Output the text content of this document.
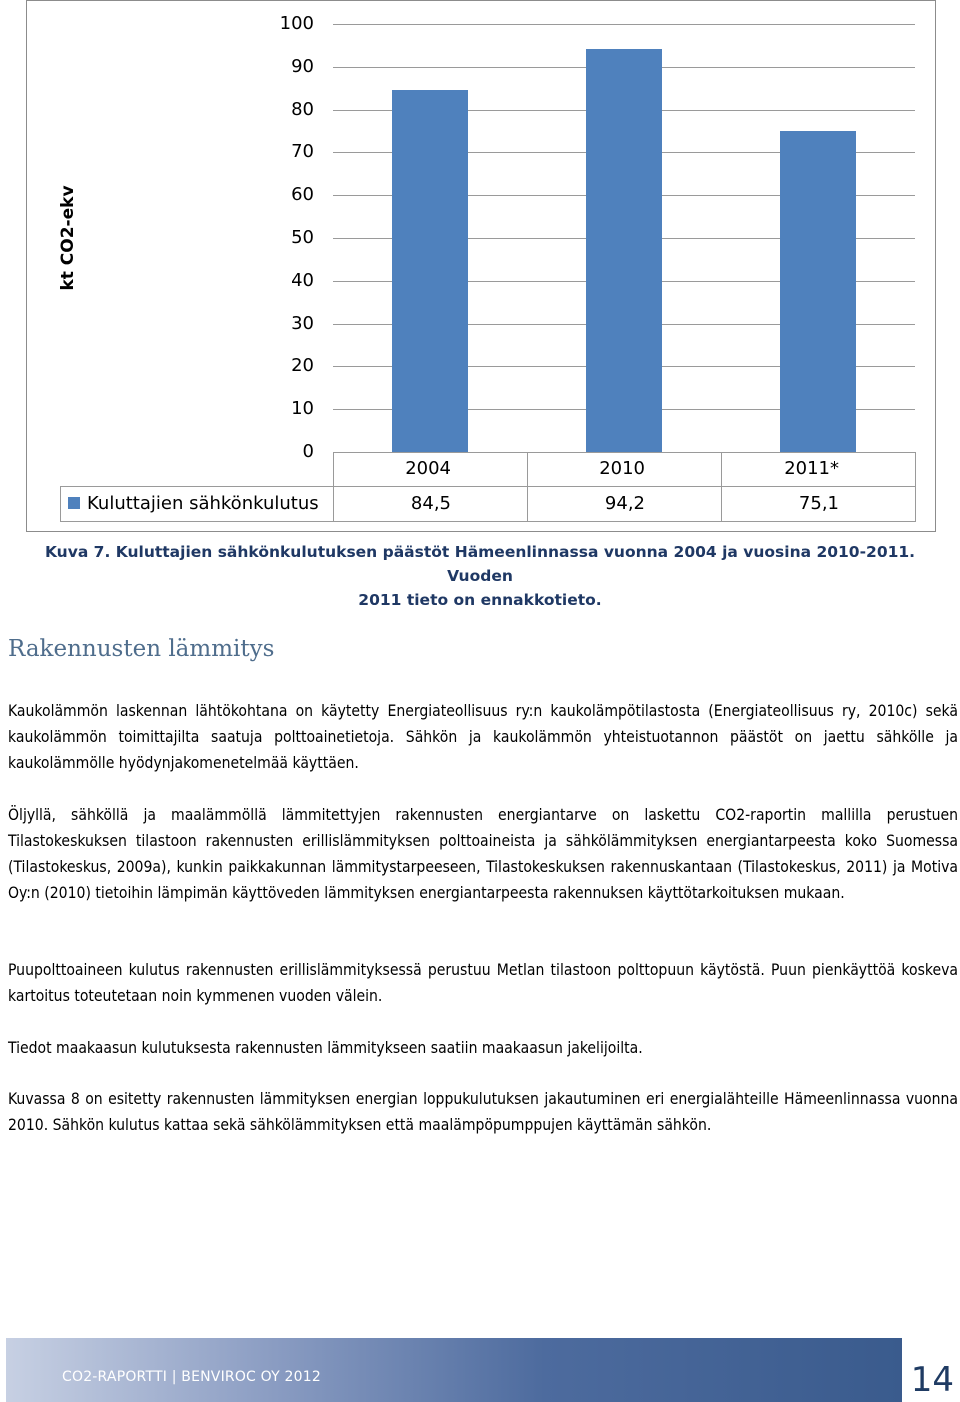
kt CO2-ekv
100
90
80
70
60
50
40
30
20
10
0
2004
84,5
2010
94,2
2011*
75,1
Kuluttajien sähkönkulutus
Kuva 7. Kuluttajien sähkönkulutuksen päästöt Hämeenlinnassa vuonna 2004 ja vuosina 2010-2011. Vuoden
2011 tieto on ennakkotieto.
Rakennusten lämmitys
Kaukolämmön laskennan lähtökohtana on käytetty Energiateollisuus ry:n kaukolämpötilastosta (Energiateollisuus ry, 2010c) sekä kaukolämmön toimittajilta saatuja polttoainetietoja. Sähkön ja kaukolämmön yhteistuotannon päästöt on jaettu sähkölle ja kaukolämmölle hyödynjakomenetelmää käyttäen.
Öljyllä, sähköllä ja maalämmöllä lämmitettyjen rakennusten energiantarve on laskettu CO2-raportin mallilla perustuen Tilastokeskuksen tilastoon rakennusten erillislämmityksen polttoaineista ja sähkölämmityksen energiantarpeesta koko Suomessa (Tilastokeskus, 2009a), kunkin paikkakunnan lämmitystarpeeseen, Tilastokeskuksen rakennuskantaan (Tilastokeskus, 2011) ja Motiva Oy:n (2010) tietoihin lämpimän käyttöveden lämmityksen energiantarpeesta rakennuksen käyttötarkoituksen mukaan.
Puupolttoaineen kulutus rakennusten erillislämmityksessä perustuu Metlan tilastoon polttopuun käytöstä. Puun pienkäyttöä koskeva kartoitus toteutetaan noin kymmenen vuoden välein.
Tiedot maakaasun kulutuksesta rakennusten lämmitykseen saatiin maakaasun jakelijoilta.
Kuvassa 8 on esitetty rakennusten lämmityksen energian loppukulutuksen jakautuminen eri energialähteille Hämeenlinnassa vuonna 2010. Sähkön kulutus kattaa sekä sähkölämmityksen että maalämpöpumppujen käyttämän sähkön.
CO2-RAPORTTI | BENVIROC OY 2012	14
